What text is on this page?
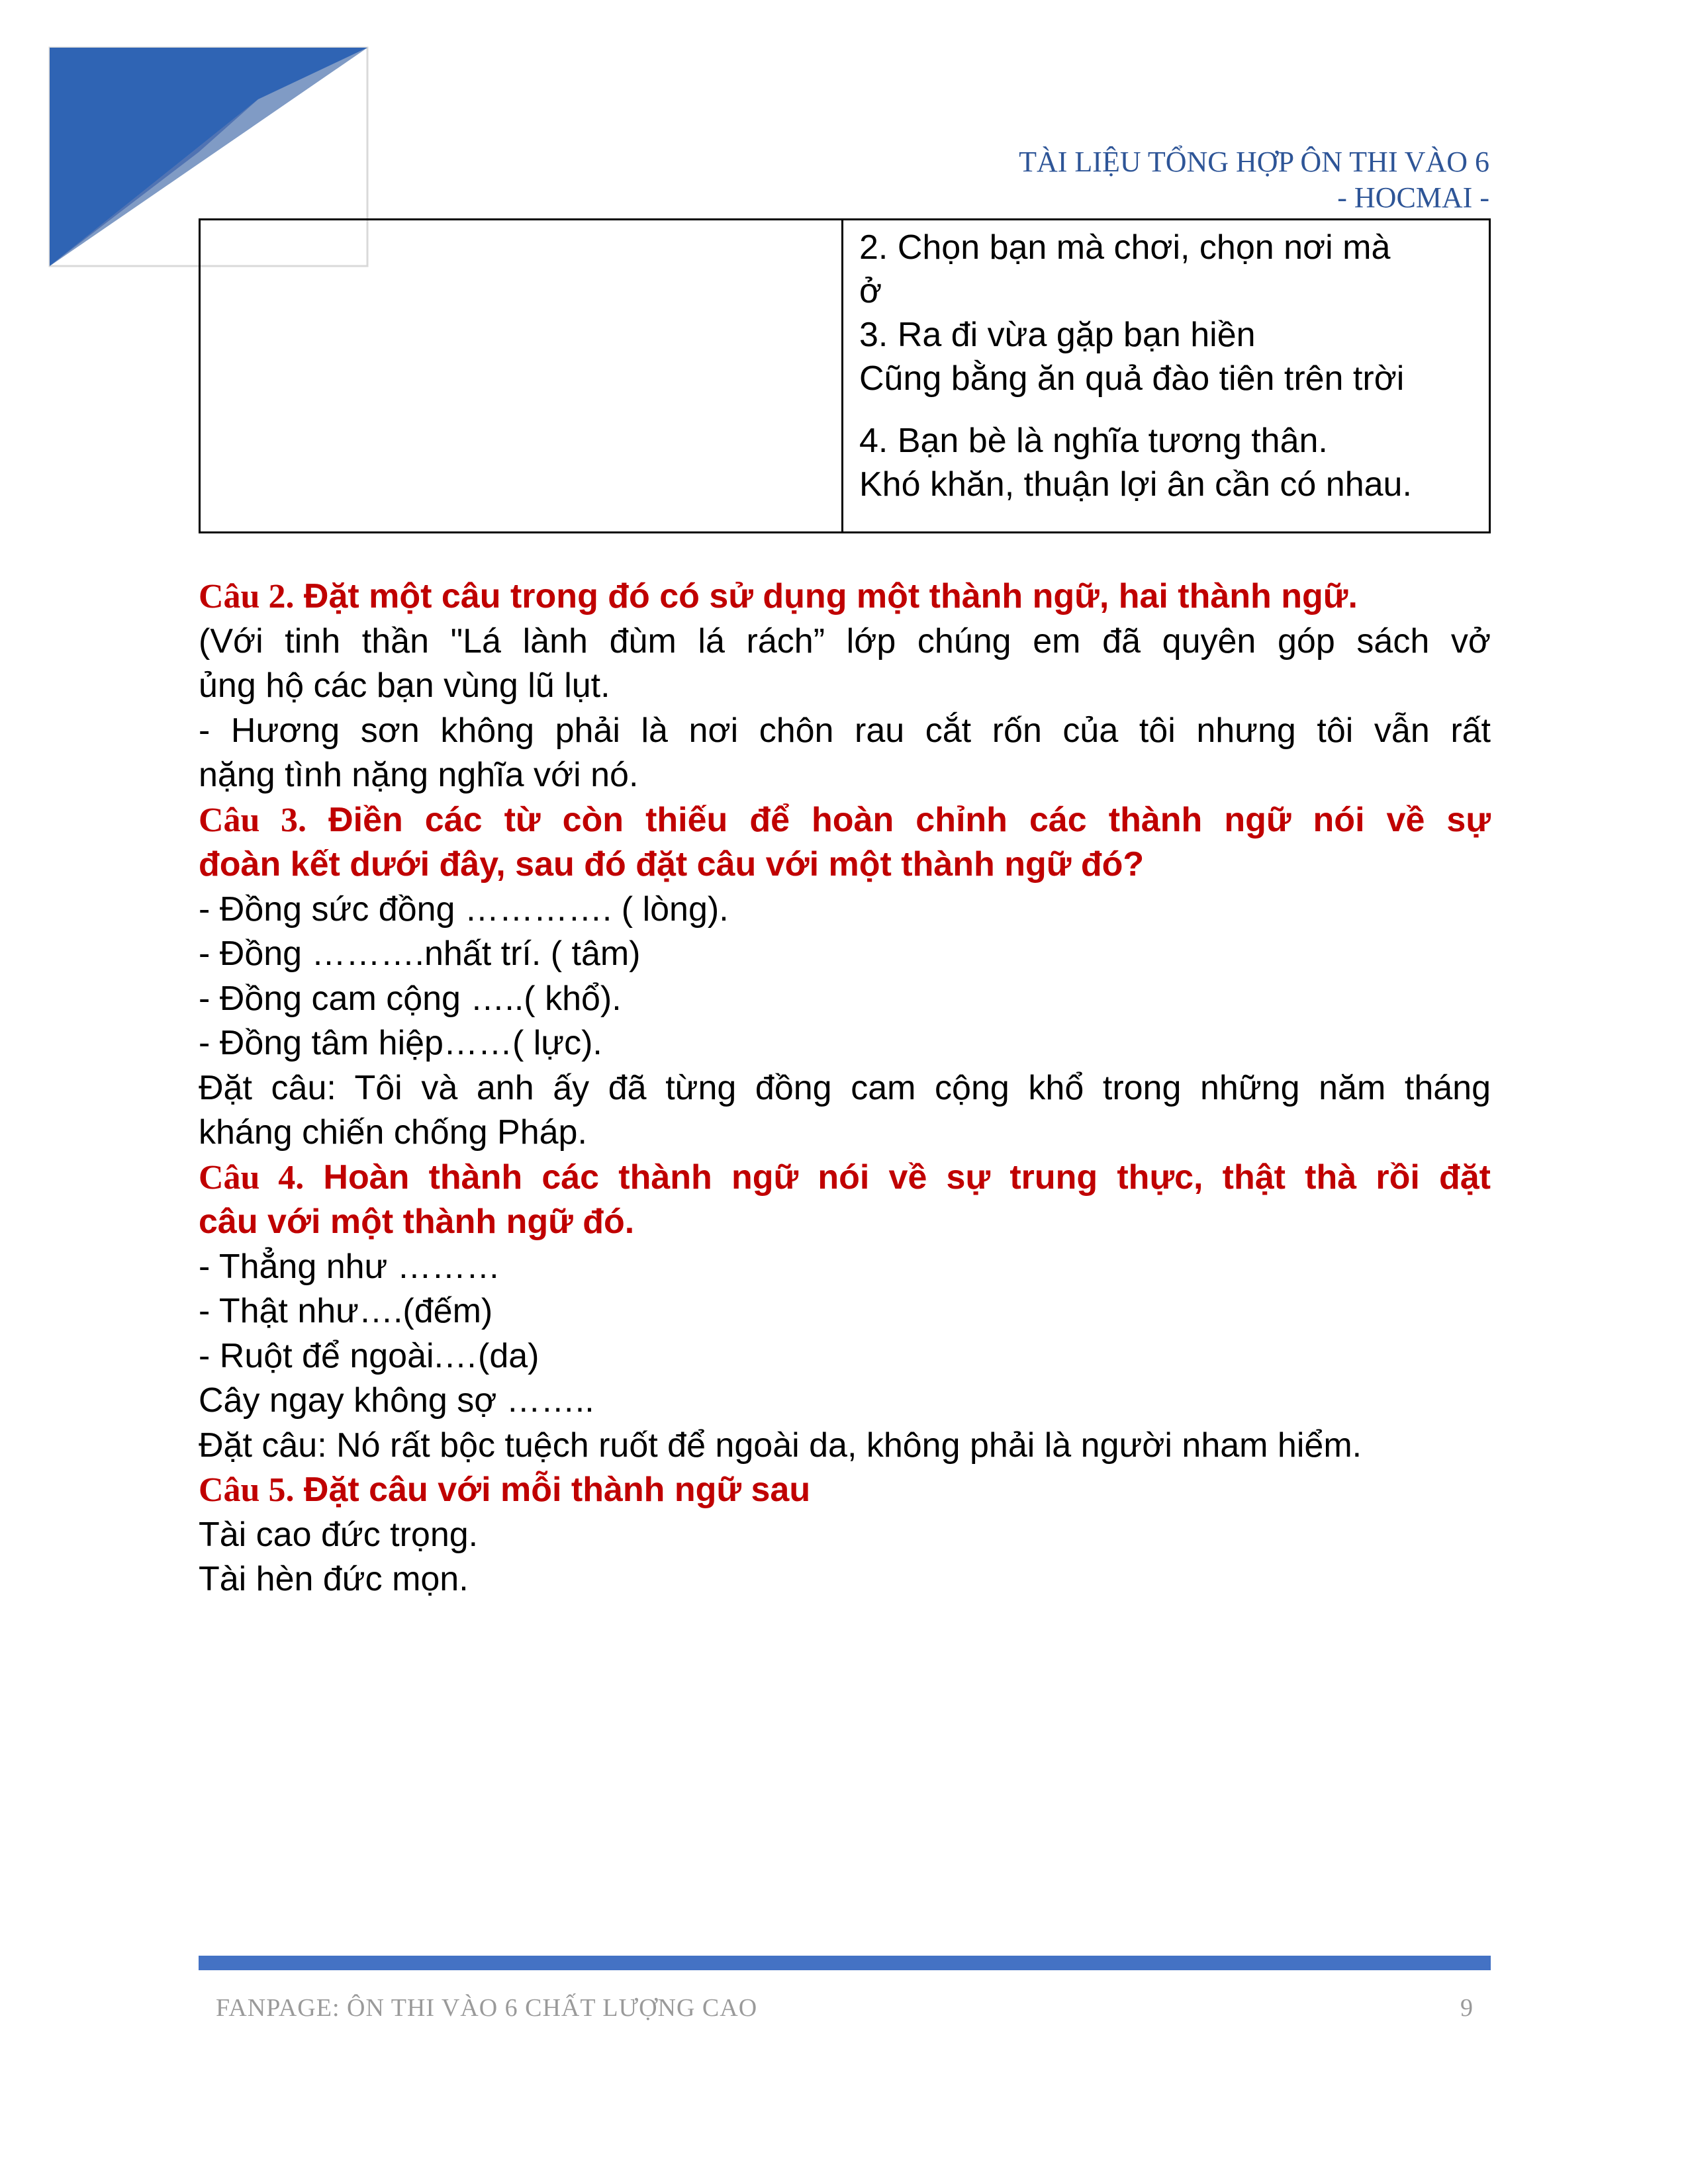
TÀI LIỆU TỔNG HỢP ÔN THI VÀO 6
- HOCMAI -

2. Chọn bạn mà chơi, chọn nơi mà
ở
3. Ra đi vừa gặp bạn hiền
Cũng bằng ăn quả đào tiên trên trời
4. Bạn bè là nghĩa tương thân.
Khó khăn, thuận lợi ân cần có nhau.

Câu 2. Đặt một câu trong đó có sử dụng một thành ngữ, hai thành ngữ.

(Với tinh thần "Lá lành đùm lá rách” lớp chúng em đã quyên góp sách vở

ủng hộ các bạn vùng lũ lụt.

- Hương sơn không phải là nơi chôn rau cắt rốn của tôi nhưng tôi vẫn rất

nặng tình nặng nghĩa với nó.

Câu 3. Điền các từ còn thiếu để hoàn chỉnh các thành ngữ nói về sự

đoàn kết dưới đây, sau đó đặt câu với một thành ngữ đó?

- Đồng sức đồng …………. ( lòng).

- Đồng ……….nhất trí. ( tâm)

- Đồng cam cộng …..( khổ).

- Đồng tâm hiệp……( lực).

Đặt câu: Tôi và anh ấy đã từng đồng cam cộng khổ trong những năm tháng

kháng chiến chống Pháp.

Câu 4. Hoàn thành các thành ngữ nói về sự trung thực, thật thà rồi đặt

câu với một thành ngữ đó.

- Thẳng như ………

- Thật như….(đếm)

- Ruột để ngoài.…(da)

Cây ngay không sợ ……..

Đặt câu: Nó rất bộc tuệch ruốt để ngoài da, không phải là người nham hiểm.

Câu 5. Đặt câu với mỗi thành ngữ sau

Tài cao đức trọng.

Tài hèn đức mọn.

FANPAGE: ÔN THI VÀO 6 CHẤT LƯỢNG CAO	9
